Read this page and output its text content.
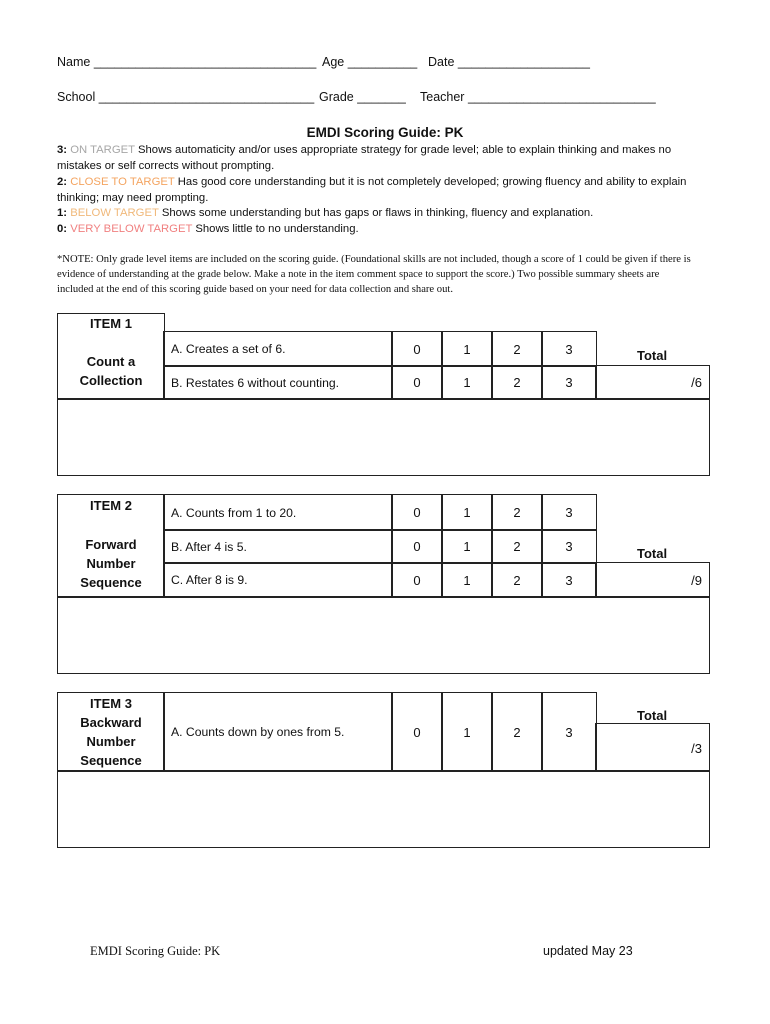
Name ________________________________ Age __________ Date ___________________
School _______________________________ Grade _______ Teacher ___________________________
EMDI Scoring Guide: PK
3: ON TARGET Shows automaticity and/or uses appropriate strategy for grade level; able to explain thinking and makes no mistakes or self corrects without prompting.
2: CLOSE TO TARGET Has good core understanding but it is not completely developed; growing fluency and ability to explain thinking; may need prompting.
1: BELOW TARGET Shows some understanding but has gaps or flaws in thinking, fluency and explanation.
0: VERY BELOW TARGET Shows little to no understanding.
*NOTE: Only grade level items are included on the scoring guide. (Foundational skills are not included, though a score of 1 could be given if there is evidence of understanding at the grade below. Make a note in the item comment space to support the score.) Two possible summary sheets are included at the end of this scoring guide based on your need for data collection and share out.
ITEM 1
Count a Collection
A. Creates a set of 6.	0	1	2	3
B. Restates 6 without counting.	0	1	2	3
Total
/6
ITEM 2
Forward Number Sequence
A. Counts from 1 to 20.	0	1	2	3
B. After 4 is 5.	0	1	2	3
C. After 8 is 9.	0	1	2	3
Total
/9
ITEM 3
Backward Number Sequence
A. Counts down by ones from 5.	0	1	2	3
Total
/3
EMDI Scoring Guide: PK	updated May 23
